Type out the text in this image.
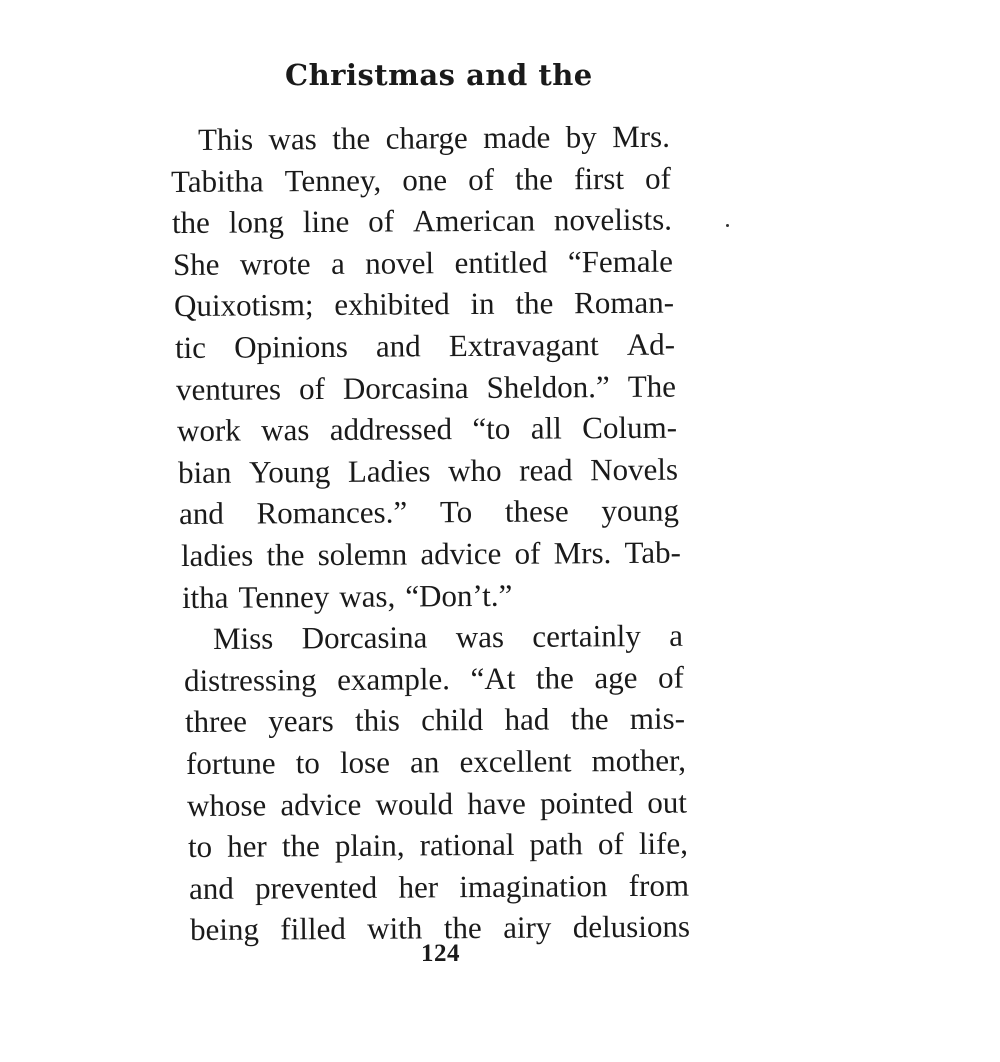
Christmas and the
This was the charge made by Mrs.
Tabitha Tenney, one of the first of
the long line of American novelists.
She wrote a novel entitled “Female
Quixotism; exhibited in the Roman-
tic Opinions and Extravagant Ad-
ventures of Dorcasina Sheldon.” The
work was addressed “to all Colum-
bian Young Ladies who read Novels
and Romances.” To these young
ladies the solemn advice of Mrs. Tab-
itha Tenney was, “Don’t.”
Miss Dorcasina was certainly a
distressing example. “At the age of
three years this child had the mis-
fortune to lose an excellent mother,
whose advice would have pointed out
to her the plain, rational path of life,
and prevented her imagination from
being filled with the airy delusions
124
